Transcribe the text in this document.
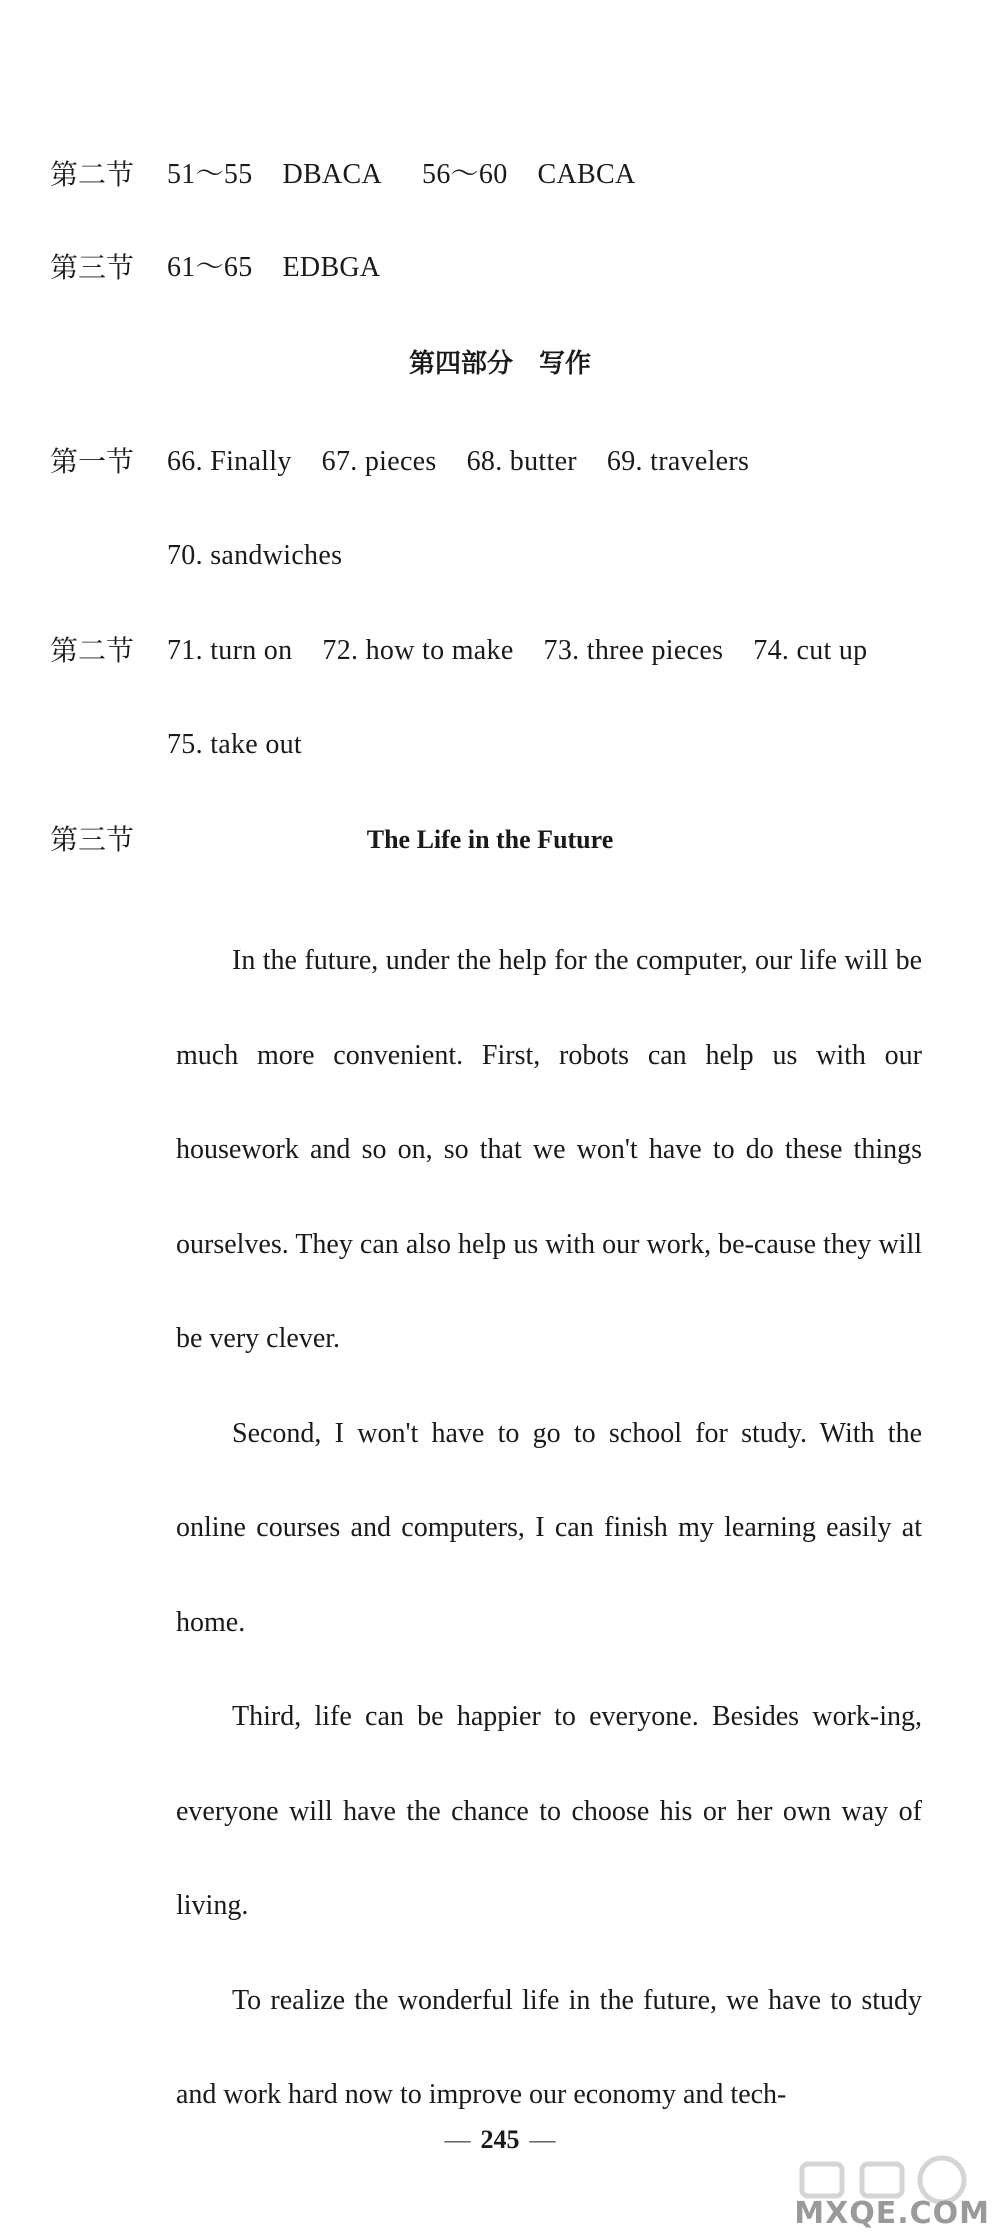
第二节 51～55 DBACA 56～60 CABCA
第三节 61～65 EDBGA
第四部分　写作
第一节 66. Finally 67. pieces 68. butter 69. travelers
70. sandwiches
第二节 71. turn on 72. how to make 73. three pieces 74. cut up
75. take out
第三节	The Life in the Future

In the future, under the help for the computer, our life will be much more convenient. First, robots can help us with our housework and so on, so that we won't have to do these things ourselves. They can also help us with our work, be-cause they will be very clever.

Second, I won't have to go to school for study. With the online courses and computers, I can finish my learning easily at home.

Third, life can be happier to everyone. Besides work-ing, everyone will have the chance to choose his or her own way of living.

To realize the wonderful life in the future, we have to study and work hard now to improve our economy and tech-

— 245 —
MXQE.COM
